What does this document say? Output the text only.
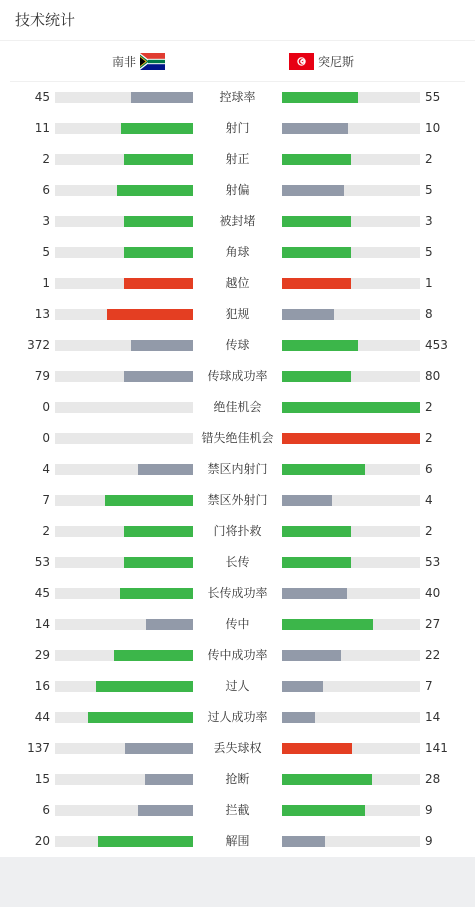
技术统计
南非	突尼斯
45	控球率	55
11	射门	10
2	射正	2
6	射偏	5
3	被封堵	3
5	角球	5
1	越位	1
13	犯规	8
372	传球	453
79	传球成功率	80
0	绝佳机会	2
0	错失绝佳机会	2
4	禁区内射门	6
7	禁区外射门	4
2	门将扑救	2
53	长传	53
45	长传成功率	40
14	传中	27
29	传中成功率	22
16	过人	7
44	过人成功率	14
137	丢失球权	141
15	抢断	28
6	拦截	9
20	解围	9
